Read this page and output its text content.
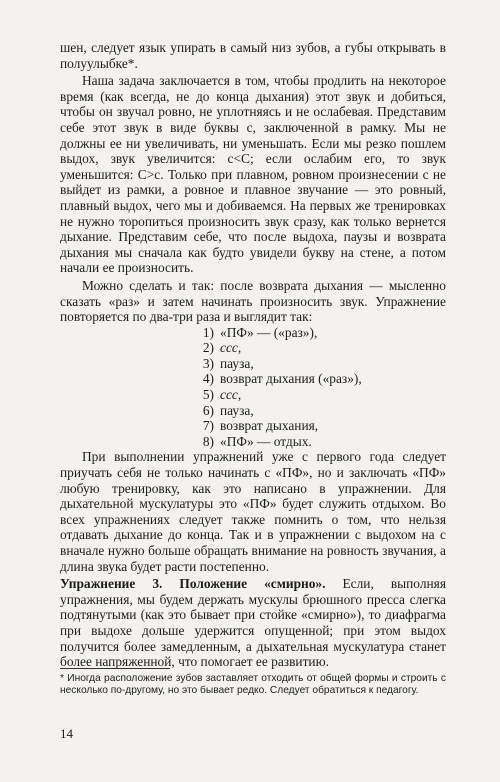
шен, следует язык упирать в самый низ зубов, а губы открывать в полуулыбке*.

Наша задача заключается в том, чтобы продлить на некоторое время (как всегда, не до конца дыхания) этот звук и добиться, чтобы он звучал ровно, не уплотняясь и не ослабевая. Представим себе этот звук в виде буквы с, заключенной в рамку. Мы не должны ее ни увеличивать, ни уменьшать. Если мы резко пошлем выдох, звук увеличится: с<C; если ослабим его, то звук уменьшится: C>c. Только при плавном, ровном произнесении с не выйдет из рамки, а ровное и плавное звучание — это ровный, плавный выдох, чего мы и добиваемся. На первых же тренировках не нужно торопиться произносить звук сразу, как только вернется дыхание. Представим себе, что после выдоха, паузы и возврата дыхания мы сначала как будто увидели букву на стене, а потом начали ее произносить.

Можно сделать и так: после возврата дыхания — мысленно сказать «раз» и затем начинать произносить звук. Упражнение повторяется по два-три раза и выглядит так:

1) «ПФ» — («раз»),
2) ссс,
3) пауза,
4) возврат дыхания («раз»),
5) ссс,
6) пауза,
7) возврат дыхания,
8) «ПФ» — отдых.

При выполнении упражнений уже с первого года следует приучать себя не только начинать с «ПФ», но и заключать «ПФ» любую тренировку, как это написано в упражнении. Для дыхательной мускулатуры это «ПФ» будет служить отдыхом. Во всех упражнениях следует также помнить о том, что нельзя отдавать дыхание до конца. Так и в упражнении с выдохом на с вначале нужно больше обращать внимание на ровность звучания, а длина звука будет расти постепенно.

Упражнение 3. Положение «смирно». Если, выполняя упражнения, мы будем держать мускулы брюшного пресса слегка подтянутыми (как это бывает при стойке «смирно»), то диафрагма при выдохе дольше удержится опущенной; при этом выдох получится более замедленным, а дыхательная мускулатура станет более напряженной, что помогает ее развитию.

* Иногда расположение зубов заставляет отходить от общей формы и строить с несколько по-другому, но это бывает редко. Следует обратиться к педагогу.
14
